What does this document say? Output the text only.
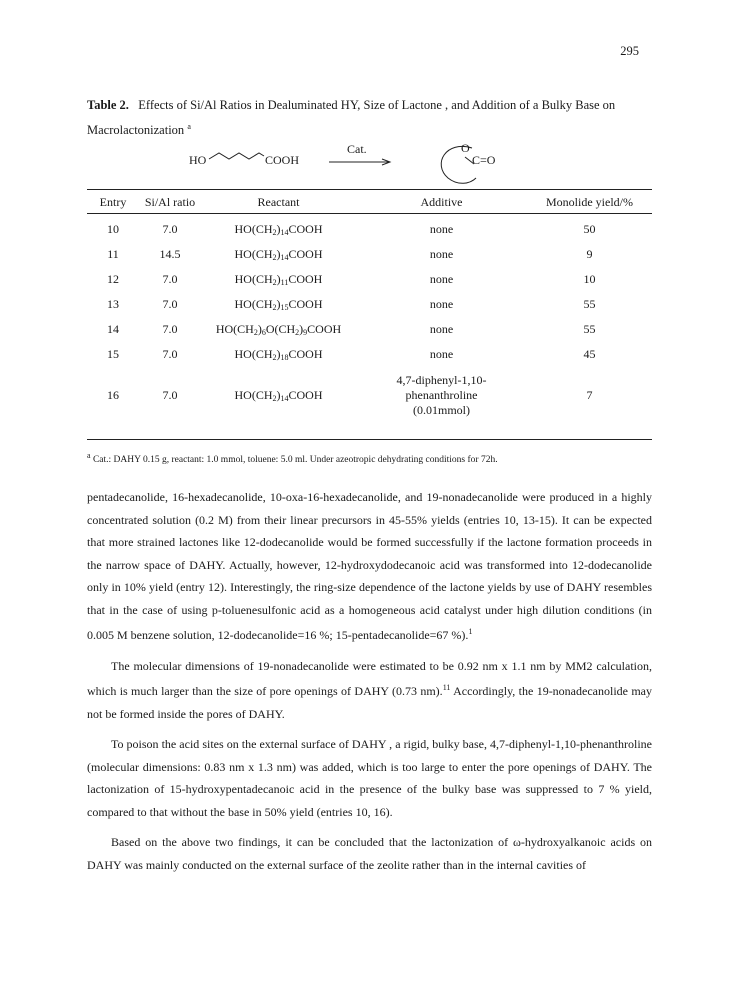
295
Table 2. Effects of Si/Al Ratios in Dealuminated HY, Size of Lactone , and Addition of a Bulky Base on Macrolactonization $^a$
HO	COOH
Cat.	O
C=O
Entry	Si/Al ratio	Reactant	Additive	Monolide yield/%

10	7.0	$HO(CH_2)_{14}COOH$	none	50
11	14.5	$HO(CH_2)_{14}COOH$	none	9
12	7.0	$HO(CH_2)_{11}COOH$	none	10
13	7.0	$HO(CH_2)_{15}COOH$	none	55
14	7.0	$HO(CH_2)_6O(CH_2)_9COOH$	none	55
15	7.0	$HO(CH_2)_{18}COOH$	none	45
16	7.0	$HO(CH_2)_{14}COOH$	4,7-diphenyl-1,10-
phenanthroline
(0.01mmol)	7
$^a$ Cat.: DAHY 0.15 g, reactant: 1.0 mmol, toluene: 5.0 ml. Under azeotropic dehydrating conditions for 72h.

pentadecanolide, 16-hexadecanolide, 10-oxa-16-hexadecanolide, and 19-nonadecanolide were produced in a highly concentrated solution (0.2 M) from their linear precursors in 45-55% yields (entries 10, 13-15). It can be expected that more strained lactones like 12-dodecanolide would be formed successfully if the lactone formation proceeds in the narrow space of DAHY. Actually, however, 12-hydroxydodecanoic acid was transformed into 12-dodecanolide only in 10% yield (entry 12). Interestingly, the ring-size dependence of the lactone yields by use of DAHY resembles that in the case of using p-toluenesulfonic acid as a homogeneous acid catalyst under high dilution conditions (in 0.005 M benzene solution, 12-dodecanolide=16 %; 15-pentadecanolide=67 %).$^1$

The molecular dimensions of 19-nonadecanolide were estimated to be 0.92 nm x 1.1 nm by MM2 calculation, which is much larger than the size of pore openings of DAHY (0.73 nm).$^{11}$ Accordingly, the 19-nonadecanolide may not be formed inside the pores of DAHY.

To poison the acid sites on the external surface of DAHY , a rigid, bulky base, 4,7-diphenyl-1,10-phenanthroline (molecular dimensions: 0.83 nm x 1.3 nm) was added, which is too large to enter the pore openings of DAHY. The lactonization of 15-hydroxypentadecanoic acid in the presence of the bulky base was suppressed to 7 % yield, compared to that without the base in 50% yield (entries 10, 16).

Based on the above two findings, it can be concluded that the lactonization of ω-hydroxyalkanoic acids on DAHY was mainly conducted on the external surface of the zeolite rather than in the internal cavities of
